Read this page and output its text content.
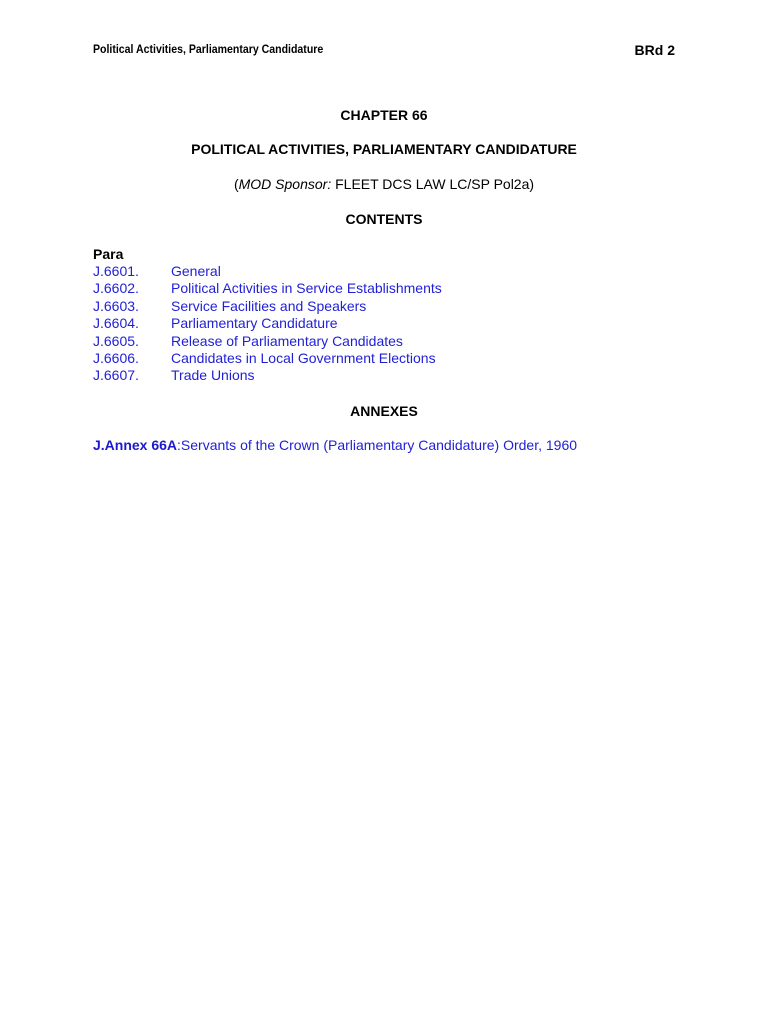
Political Activities, Parliamentary Candidature	BRd 2
CHAPTER 66
POLITICAL ACTIVITIES, PARLIAMENTARY CANDIDATURE
(MOD Sponsor: FLEET DCS LAW LC/SP Pol2a)
CONTENTS
Para
J.6601. General
J.6602. Political Activities in Service Establishments
J.6603. Service Facilities and Speakers
J.6604. Parliamentary Candidature
J.6605. Release of Parliamentary Candidates
J.6606. Candidates in Local Government Elections
J.6607. Trade Unions
ANNEXES
J.Annex 66A:Servants of the Crown (Parliamentary Candidature) Order, 1960
